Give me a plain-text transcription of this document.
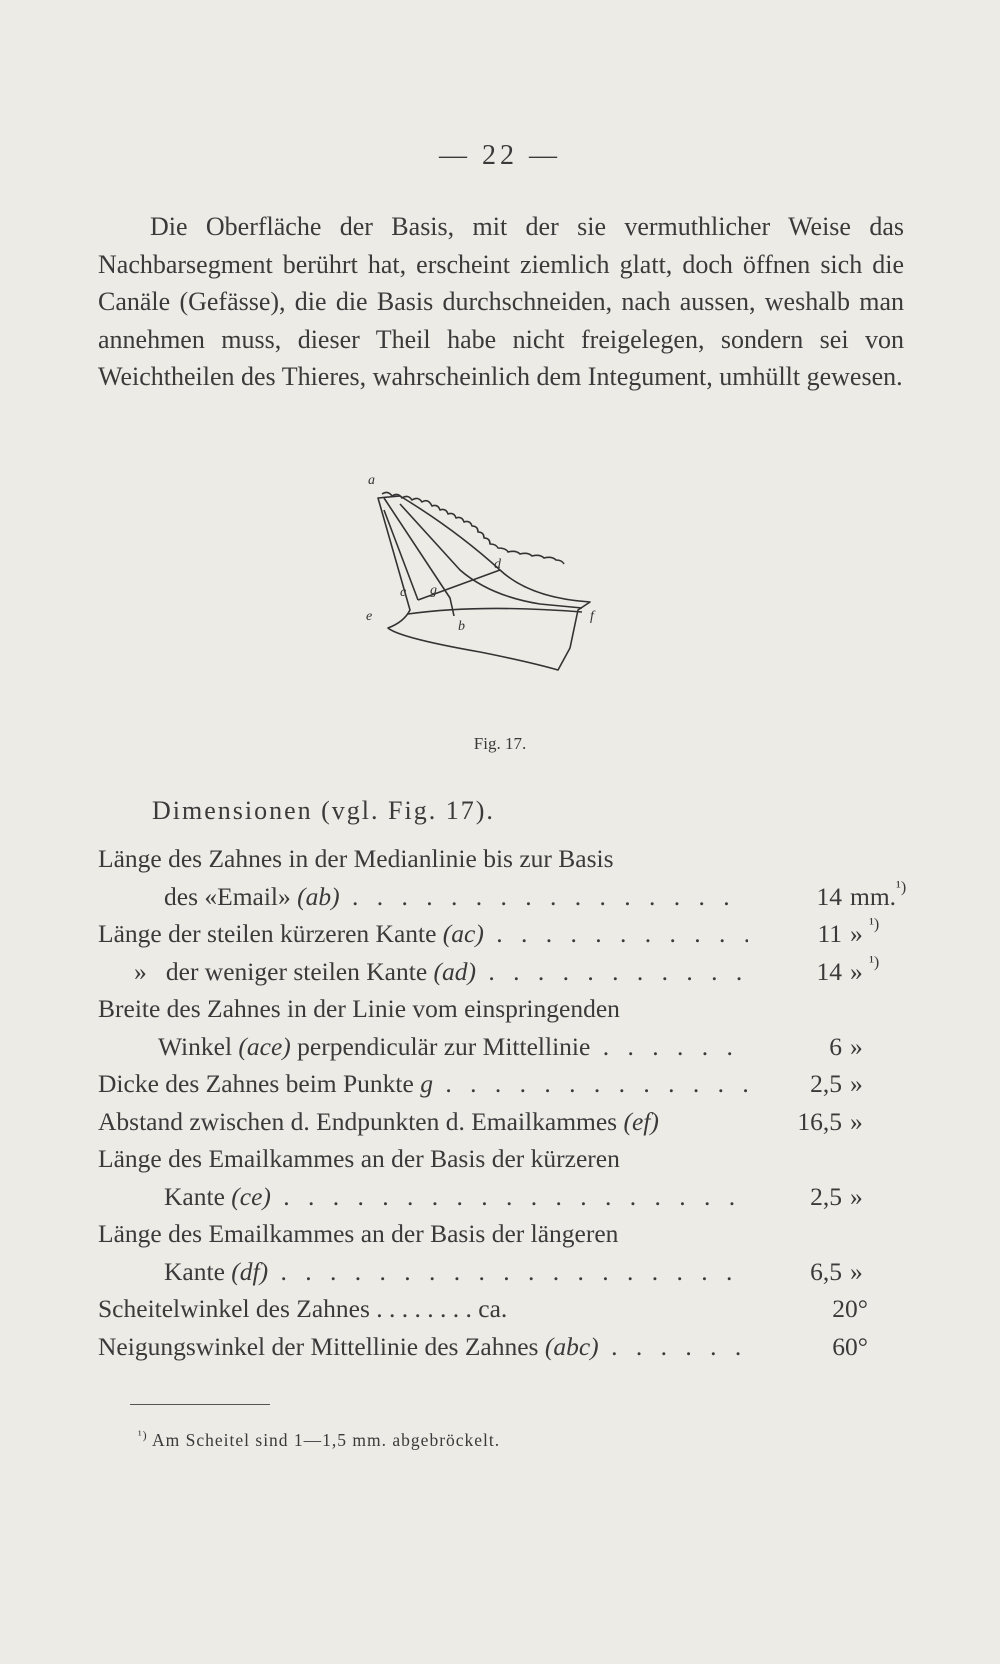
— 22 —

Die Oberfläche der Basis, mit der sie vermuthlicher Weise das Nachbarsegment berührt hat, erscheint ziemlich glatt, doch öffnen sich die Canäle (Gefässe), die die Basis durchschneiden, nach aussen, weshalb man annehmen muss, dieser Theil habe nicht freigelegen, sondern sei von Weichtheilen des Thieres, wahrscheinlich dem Integument, umhüllt gewesen.

a
b
c
d
e	f
g
Fig. 17.
Dimensionen (vgl. Fig. 17).
Länge des Zahnes in der Medianlinie bis zur Basis
des «Email» (ab) . . .	14 mm.$^{^1)}$
Länge der steilen kürzeren Kante (ac) . . .	11 » $^{^1)}$
»   der weniger steilen Kante (ad) . . .	14 » $^{^1)}$
Breite des Zahnes in der Linie vom einspringenden
Winkel (ace) perpendiculär zur Mittellinie . . .	6 »
Dicke des Zahnes beim Punkte g . . .	2,5 »
Abstand zwischen d. Endpunkten d. Emailkammes (ef)	16,5 »
Länge des Emailkammes an der Basis der kürzeren
Kante (ce) . . .	2,5 »
Länge des Emailkammes an der Basis der längeren
Kante (df) . . .	6,5 »
Scheitelwinkel des Zahnes . . . . . . . . ca.	20°
Neigungswinkel der Mittellinie des Zahnes (abc) . . .	60°
$^{^1)}$ Am Scheitel sind 1—1,5 mm. abgebröckelt.
